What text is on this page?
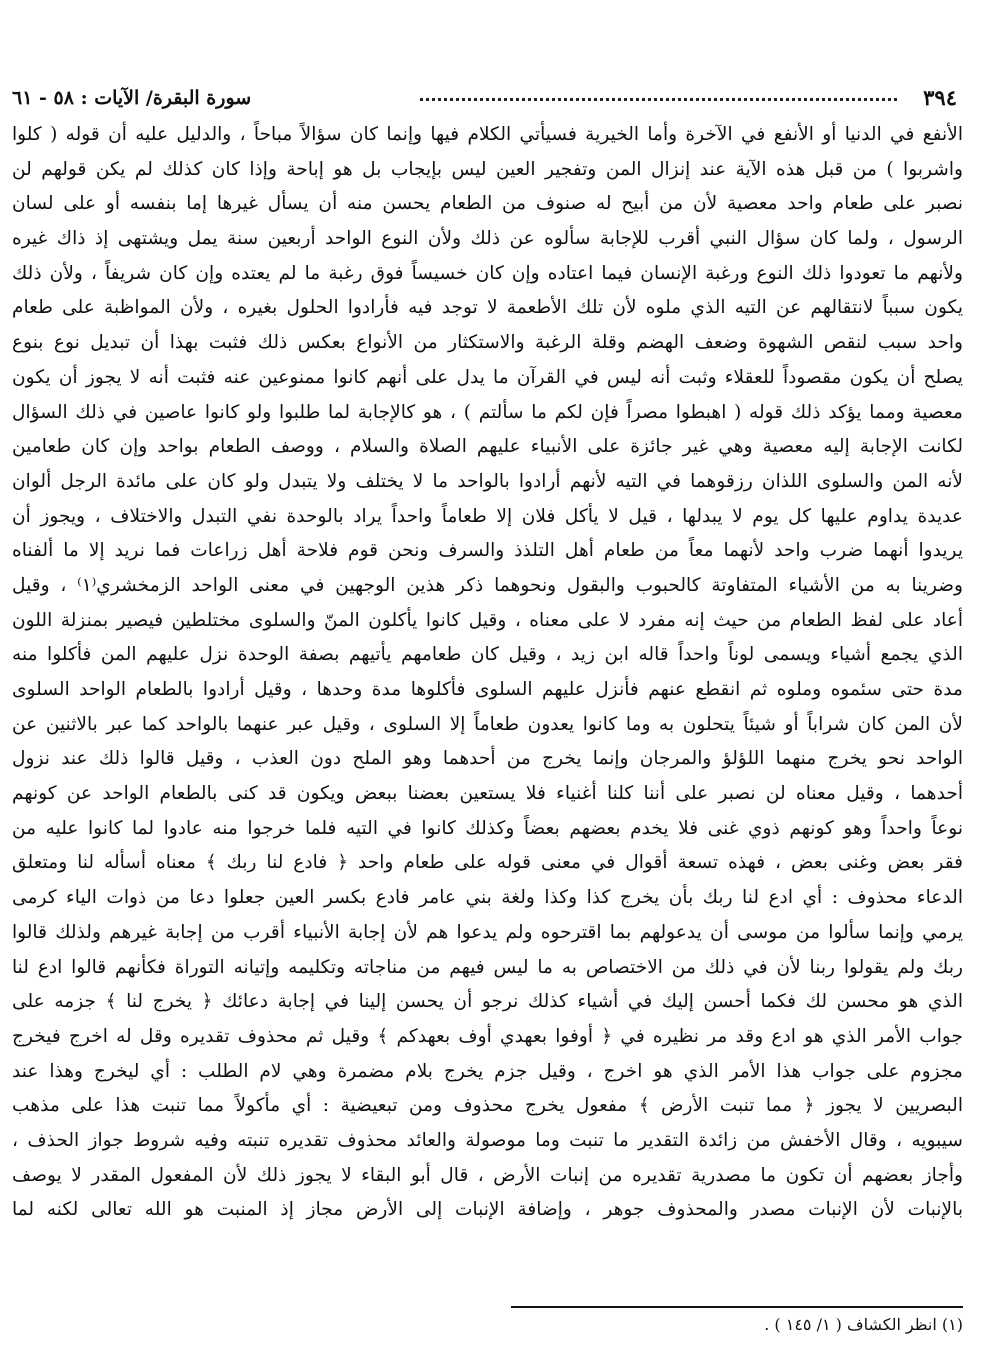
٣٩٤
سورة البقرة/ الآيات : ٥٨ - ٦١
الأنفع في الدنيا أو الأنفع في الآخرة وأما الخيرية فسيأتي الكلام فيها وإنما كان سؤالاً مباحاً ، والدليل عليه أن قوله ( كلوا
واشربوا ) من قبل هذه الآية عند إنزال المن وتفجير العين ليس بإيجاب بل هو إباحة وإذا كان كذلك لم يكن قولهم لن
نصبر على طعام واحد معصية لأن من أبيح له صنوف من الطعام يحسن منه أن يسأل غيرها إما بنفسه أو على لسان
الرسول ، ولما كان سؤال النبي أقرب للإجابة سألوه عن ذلك ولأن النوع الواحد أربعين سنة يمل ويشتهى إذ ذاك غيره
ولأنهم ما تعودوا ذلك النوع ورغبة الإنسان فيما اعتاده وإن كان خسيساً فوق رغبة ما لم يعتده وإن كان شريفاً ، ولأن ذلك
يكون سبباً لانتقالهم عن التيه الذي ملوه لأن تلك الأطعمة لا توجد فيه فأرادوا الحلول بغيره ، ولأن المواظبة على طعام
واحد سبب لنقص الشهوة وضعف الهضم وقلة الرغبة والاستكثار من الأنواع بعكس ذلك فثبت بهذا أن تبديل نوع بنوع
يصلح أن يكون مقصوداً للعقلاء وثبت أنه ليس في القرآن ما يدل على أنهم كانوا ممنوعين عنه فثبت أنه لا يجوز أن يكون
معصية ومما يؤكد ذلك قوله ( اهبطوا مصراً فإن لكم ما سألتم ) ، هو كالإجابة لما طلبوا ولو كانوا عاصين في ذلك السؤال
لكانت الإجابة إليه معصية وهي غير جائزة على الأنبياء عليهم الصلاة والسلام ، ووصف الطعام بواحد وإن كان طعامين
لأنه المن والسلوى اللذان رزقوهما في التيه لأنهم أرادوا بالواحد ما لا يختلف ولا يتبدل ولو كان على مائدة الرجل ألوان
عديدة يداوم عليها كل يوم لا يبدلها ، قيل لا يأكل فلان إلا طعاماً واحداً يراد بالوحدة نفي التبدل والاختلاف ، ويجوز أن
يريدوا أنهما ضرب واحد لأنهما معاً من طعام أهل التلذذ والسرف ونحن قوم فلاحة أهل زراعات فما نريد إلا ما ألفناه
وضرينا به من الأشياء المتفاوتة كالحبوب والبقول ونحوهما ذكر هذين الوجهين في معنى الواحد الزمخشري⁽١⁾ ، وقيل
أعاد على لفظ الطعام من حيث إنه مفرد لا على معناه ، وقيل كانوا يأكلون المنّ والسلوى مختلطين فيصير بمنزلة اللون
الذي يجمع أشياء ويسمى لوناً واحداً قاله ابن زيد ، وقيل كان طعامهم يأتيهم بصفة الوحدة نزل عليهم المن فأكلوا منه
مدة حتى سئموه وملوه ثم انقطع عنهم فأنزل عليهم السلوى فأكلوها مدة وحدها ، وقيل أرادوا بالطعام الواحد السلوى
لأن المن كان شراباً أو شيئاً يتحلون به وما كانوا يعدون طعاماً إلا السلوى ، وقيل عبر عنهما بالواحد كما عبر بالاثنين عن
الواحد نحو يخرج منهما اللؤلؤ والمرجان وإنما يخرج من أحدهما وهو الملح دون العذب ، وقيل قالوا ذلك عند نزول
أحدهما ، وقيل معناه لن نصبر على أننا كلنا أغنياء فلا يستعين بعضنا ببعض ويكون قد كنى بالطعام الواحد عن كونهم
نوعاً واحداً وهو كونهم ذوي غنى فلا يخدم بعضهم بعضاً وكذلك كانوا في التيه فلما خرجوا منه عادوا لما كانوا عليه من
فقر بعض وغنى بعض ، فهذه تسعة أقوال في معنى قوله على طعام واحد ﴿ فادع لنا ربك ﴾ معناه أسأله لنا ومتعلق
الدعاء محذوف : أي ادع لنا ربك بأن يخرج كذا وكذا ولغة بني عامر فادع بكسر العين جعلوا دعا من ذوات الياء كرمى
يرمي وإنما سألوا من موسى أن يدعولهم بما اقترحوه ولم يدعوا هم لأن إجابة الأنبياء أقرب من إجابة غيرهم ولذلك قالوا
ربك ولم يقولوا ربنا لأن في ذلك من الاختصاص به ما ليس فيهم من مناجاته وتكليمه وإتيانه التوراة فكأنهم قالوا ادع لنا
الذي هو محسن لك فكما أحسن إليك في أشياء كذلك نرجو أن يحسن إلينا في إجابة دعائك ﴿ يخرج لنا ﴾ جزمه على
جواب الأمر الذي هو ادع وقد مر نظيره في ﴿ أوفوا بعهدي أوف بعهدكم ﴾ وقيل ثم محذوف تقديره وقل له اخرج فيخرج
مجزوم على جواب هذا الأمر الذي هو اخرج ، وقيل جزم يخرج بلام مضمرة وهي لام الطلب : أي ليخرج وهذا عند
البصريين لا يجوز ﴿ مما تنبت الأرض ﴾ مفعول يخرج محذوف ومن تبعيضية : أي مأكولاً مما تنبت هذا على مذهب
سيبويه ، وقال الأخفش من زائدة التقدير ما تنبت وما موصولة والعائد محذوف تقديره تنبته وفيه شروط جواز الحذف ،
وأجاز بعضهم أن تكون ما مصدرية تقديره من إنبات الأرض ، قال أبو البقاء لا يجوز ذلك لأن المفعول المقدر لا يوصف
بالإنبات لأن الإنبات مصدر والمحذوف جوهر ، وإضافة الإنبات إلى الأرض مجاز إذ المنبت هو الله تعالى لكنه لما
(١) انظر الكشاف ( ١/ ١٤٥ ) .
